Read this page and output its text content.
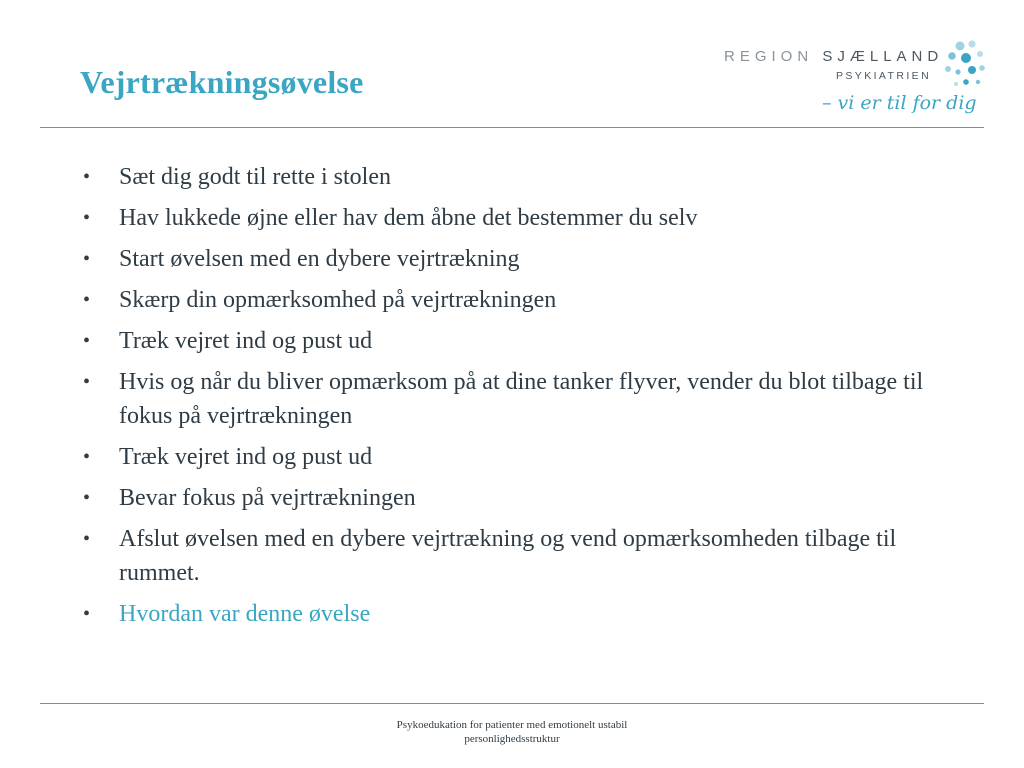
Vejrtrækningsøvelse
REGION SJÆLLAND
PSYKIATRIEN
– vi er til for dig
• Sæt dig godt til rette i stolen
• Hav lukkede øjne eller hav dem åbne det bestemmer du selv
• Start øvelsen med en dybere vejrtrækning
• Skærp din opmærksomhed på vejrtrækningen
• Træk vejret ind og pust ud
• Hvis og når du bliver opmærksom på at dine tanker flyver, vender du blot tilbage til fokus på vejrtrækningen
• Træk vejret ind og pust ud
• Bevar fokus på vejrtrækningen
• Afslut øvelsen med en dybere vejrtrækning og vend opmærksomheden tilbage til rummet.
• Hvordan var denne øvelse
Psykoedukation for patienter med emotionelt ustabil
personlighedsstruktur
